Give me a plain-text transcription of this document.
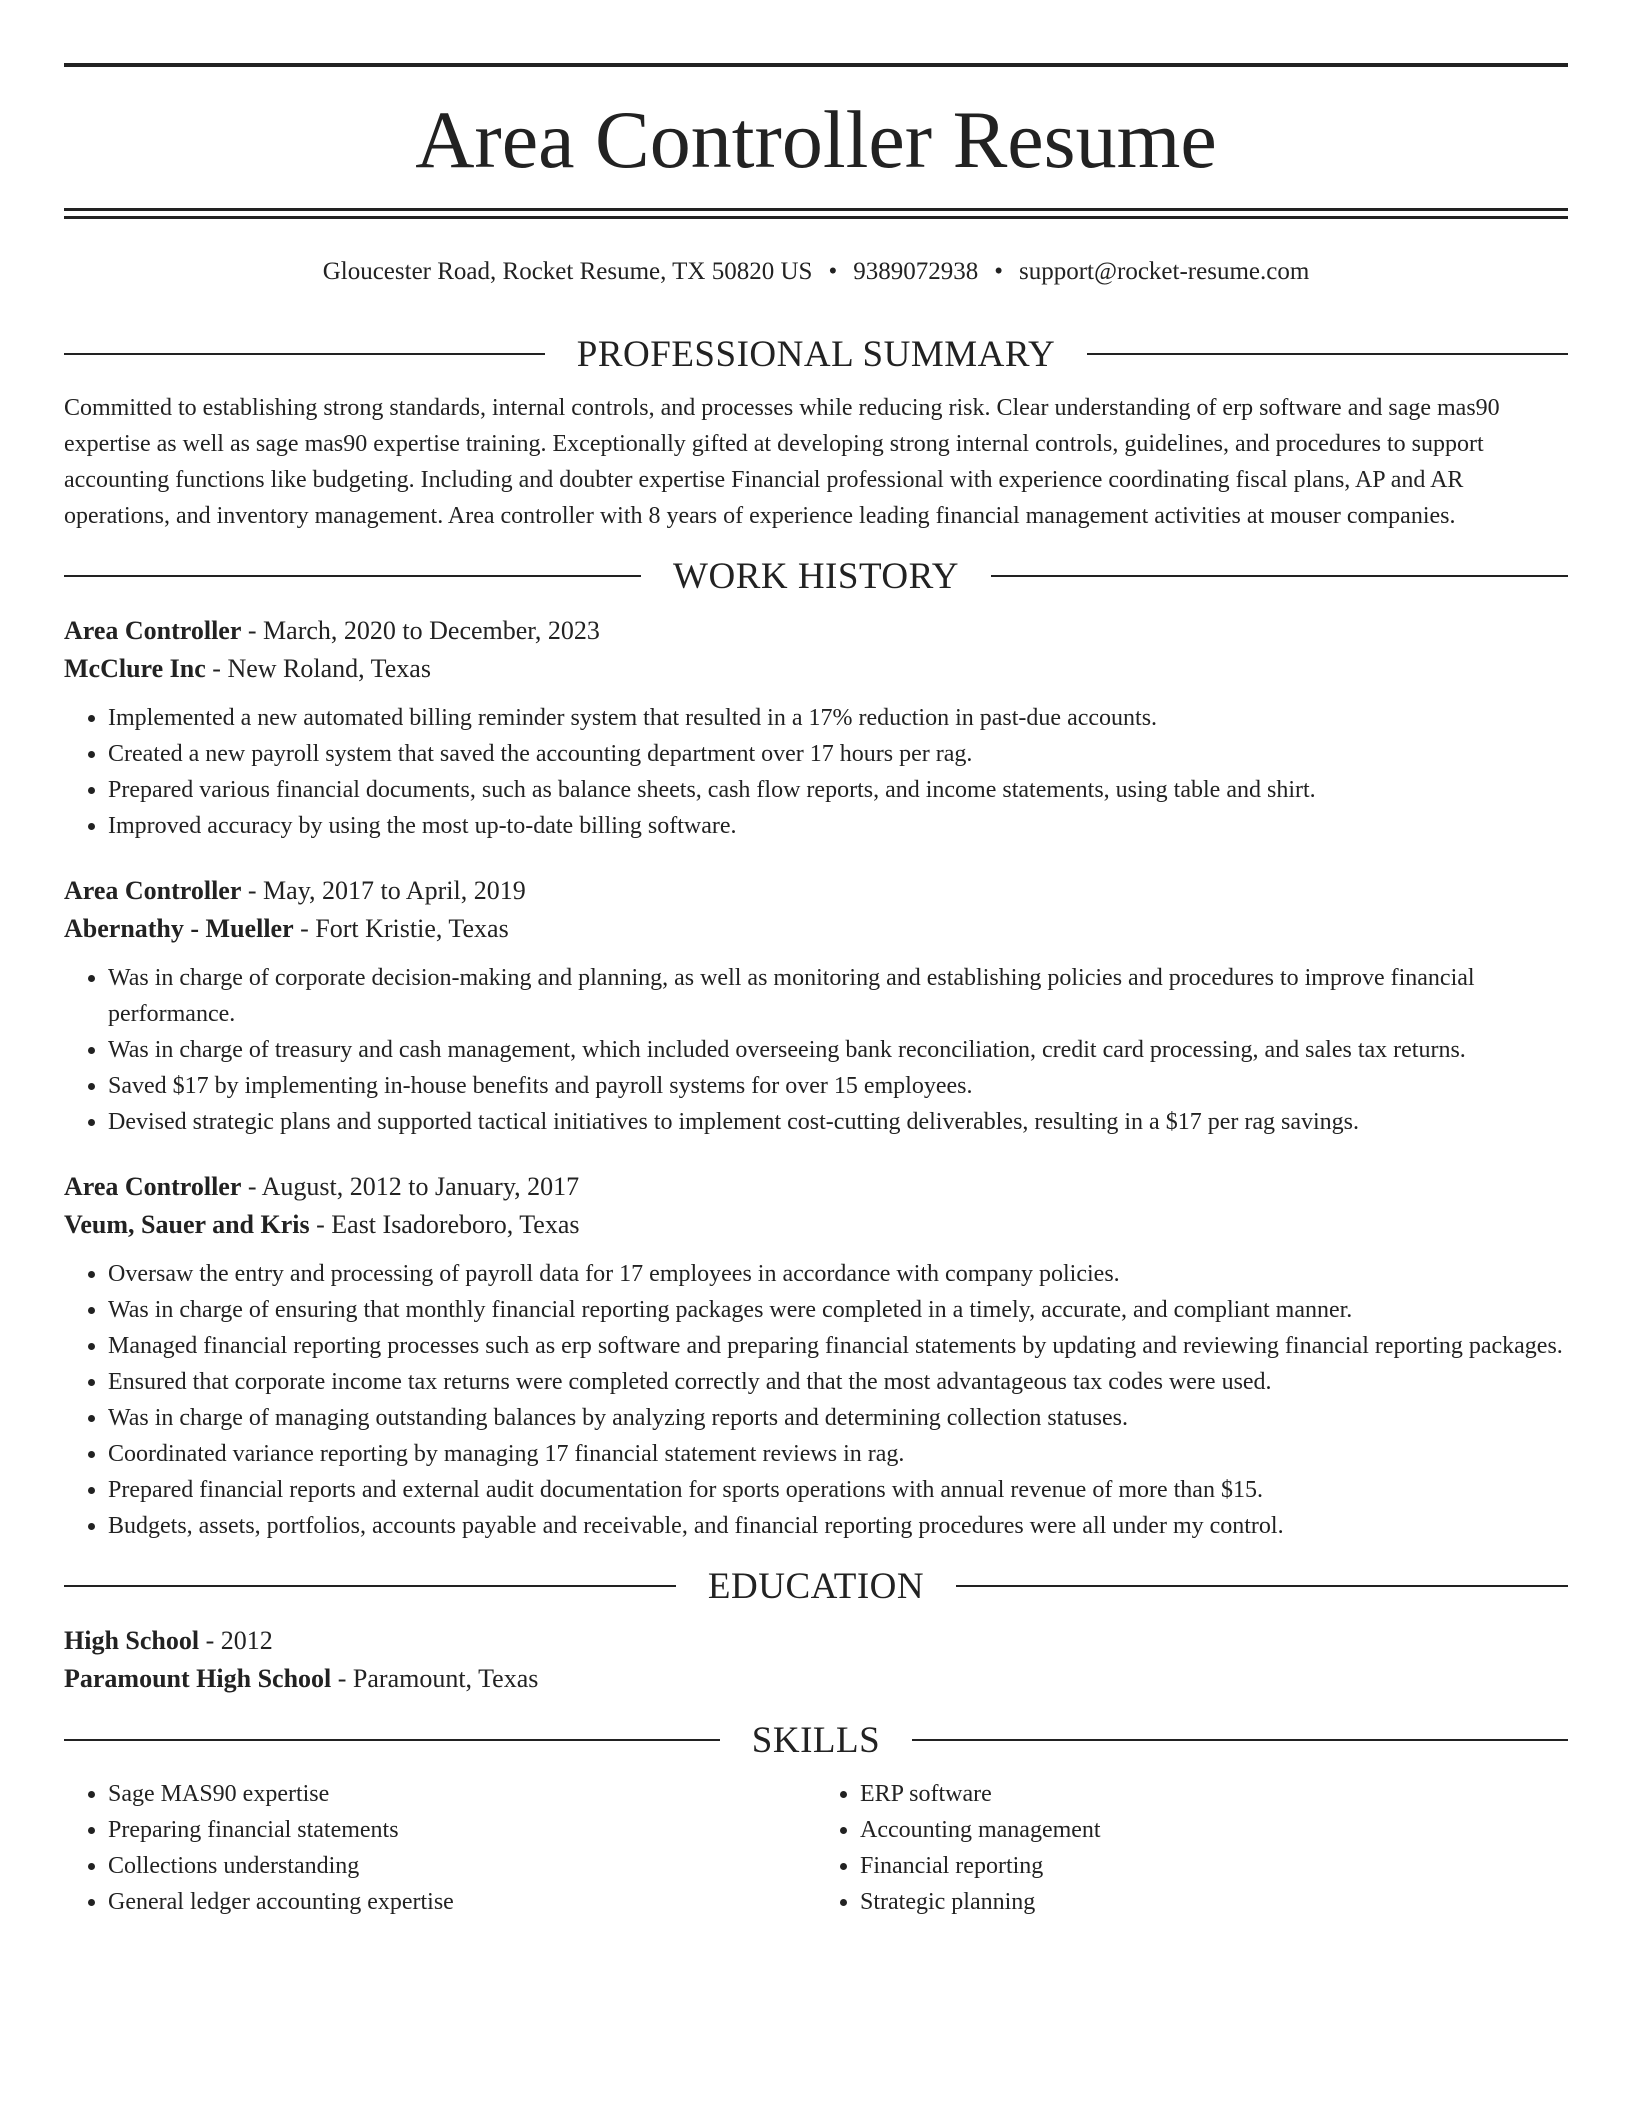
Area Controller Resume
Gloucester Road, Rocket Resume, TX 50820 US • 9389072938 • support@rocket-resume.com
PROFESSIONAL SUMMARY

Committed to establishing strong standards, internal controls, and processes while reducing risk. Clear understanding of erp software and sage mas90 expertise as well as sage mas90 expertise training. Exceptionally gifted at developing strong internal controls, guidelines, and procedures to support accounting functions like budgeting. Including and doubter expertise Financial professional with experience coordinating fiscal plans, AP and AR operations, and inventory management. Area controller with 8 years of experience leading financial management activities at mouser companies.

WORK HISTORY
Area Controller - March, 2020 to December, 2023
McClure Inc - New Roland, Texas
• Implemented a new automated billing reminder system that resulted in a 17% reduction in past-due accounts.
• Created a new payroll system that saved the accounting department over 17 hours per rag.
• Prepared various financial documents, such as balance sheets, cash flow reports, and income statements, using table and shirt.
• Improved accuracy by using the most up-to-date billing software.
Area Controller - May, 2017 to April, 2019
Abernathy - Mueller - Fort Kristie, Texas
• Was in charge of corporate decision-making and planning, as well as monitoring and establishing policies and procedures to improve financial performance.
• Was in charge of treasury and cash management, which included overseeing bank reconciliation, credit card processing, and sales tax returns.
• Saved $17 by implementing in-house benefits and payroll systems for over 15 employees.
• Devised strategic plans and supported tactical initiatives to implement cost-cutting deliverables, resulting in a $17 per rag savings.
Area Controller - August, 2012 to January, 2017
Veum, Sauer and Kris - East Isadoreboro, Texas
• Oversaw the entry and processing of payroll data for 17 employees in accordance with company policies.
• Was in charge of ensuring that monthly financial reporting packages were completed in a timely, accurate, and compliant manner.
• Managed financial reporting processes such as erp software and preparing financial statements by updating and reviewing financial reporting packages.
• Ensured that corporate income tax returns were completed correctly and that the most advantageous tax codes were used.
• Was in charge of managing outstanding balances by analyzing reports and determining collection statuses.
• Coordinated variance reporting by managing 17 financial statement reviews in rag.
• Prepared financial reports and external audit documentation for sports operations with annual revenue of more than $15.
• Budgets, assets, portfolios, accounts payable and receivable, and financial reporting procedures were all under my control.
EDUCATION
High School - 2012
Paramount High School - Paramount, Texas
SKILLS
• Sage MAS90 expertise
• Preparing financial statements
• Collections understanding
• General ledger accounting expertise
• ERP software
• Accounting management
• Financial reporting
• Strategic planning
